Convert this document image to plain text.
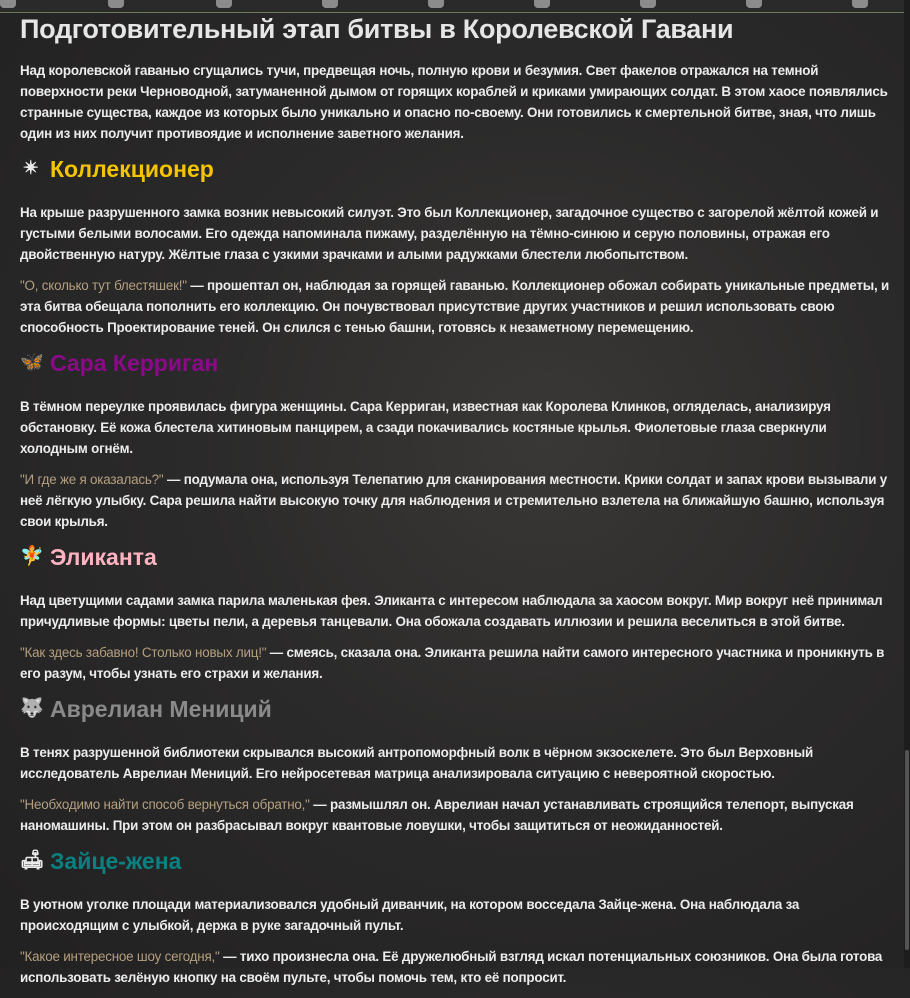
Подготовительный этап битвы в Королевской Гавани

Над королевской гаванью сгущались тучи, предвещая ночь, полную крови и безумия. Свет факелов отражался на темной поверхности реки Черноводной, затуманенной дымом от горящих кораблей и криками умирающих солдат. В этом хаосе появлялись странные существа, каждое из которых было уникально и опасно по-своему. Они готовились к смертельной битве, зная, что лишь один из них получит противоядие и исполнение заветного желания.

✴ Коллекционер

На крыше разрушенного замка возник невысокий силуэт. Это был Коллекционер, загадочное существо с загорелой жёлтой кожей и густыми белыми волосами. Его одежда напоминала пижаму, разделённую на тёмно-синюю и серую половины, отражая его двойственную натуру. Жёлтые глаза с узкими зрачками и алыми радужками блестели любопытством.

"О, сколько тут блестяшек!" — прошептал он, наблюдая за горящей гаванью. Коллекционер обожал собирать уникальные предметы, и эта битва обещала пополнить его коллекцию. Он почувствовал присутствие других участников и решил использовать свою способность Проектирование теней. Он слился с тенью башни, готовясь к незаметному перемещению.

🦋 Сара Керриган

В тёмном переулке проявилась фигура женщины. Сара Керриган, известная как Королева Клинков, огляделась, анализируя обстановку. Её кожа блестела хитиновым панцирем, а сзади покачивались костяные крылья. Фиолетовые глаза сверкнули холодным огнём.

"И где же я оказалась?" — подумала она, используя Телепатию для сканирования местности. Крики солдат и запах крови вызывали у неё лёгкую улыбку. Сара решила найти высокую точку для наблюдения и стремительно взлетела на ближайшую башню, используя свои крылья.

🧚 Эликанта

Над цветущими садами замка парила маленькая фея. Эликанта с интересом наблюдала за хаосом вокруг. Мир вокруг неё принимал причудливые формы: цветы пели, а деревья танцевали. Она обожала создавать иллюзии и решила веселиться в этой битве.

"Как здесь забавно! Столько новых лиц!" — смеясь, сказала она. Эликанта решила найти самого интересного участника и проникнуть в его разум, чтобы узнать его страхи и желания.

🐺 Аврелиан Мениций

В тенях разрушенной библиотеки скрывался высокий антропоморфный волк в чёрном экзоскелете. Это был Верховный исследователь Аврелиан Мениций. Его нейросетевая матрица анализировала ситуацию с невероятной скоростью.

"Необходимо найти способ вернуться обратно," — размышлял он. Аврелиан начал устанавливать строящийся телепорт, выпуская наномашины. При этом он разбрасывал вокруг квантовые ловушки, чтобы защититься от неожиданностей.

🛋 Зайце-жена

В уютном уголке площади материализовался удобный диванчик, на котором восседала Зайце-жена. Она наблюдала за происходящим с улыбкой, держа в руке загадочный пульт.

"Какое интересное шоу сегодня," — тихо произнесла она. Её дружелюбный взгляд искал потенциальных союзников. Она была готова использовать зелёную кнопку на своём пульте, чтобы помочь тем, кто её попросит.
